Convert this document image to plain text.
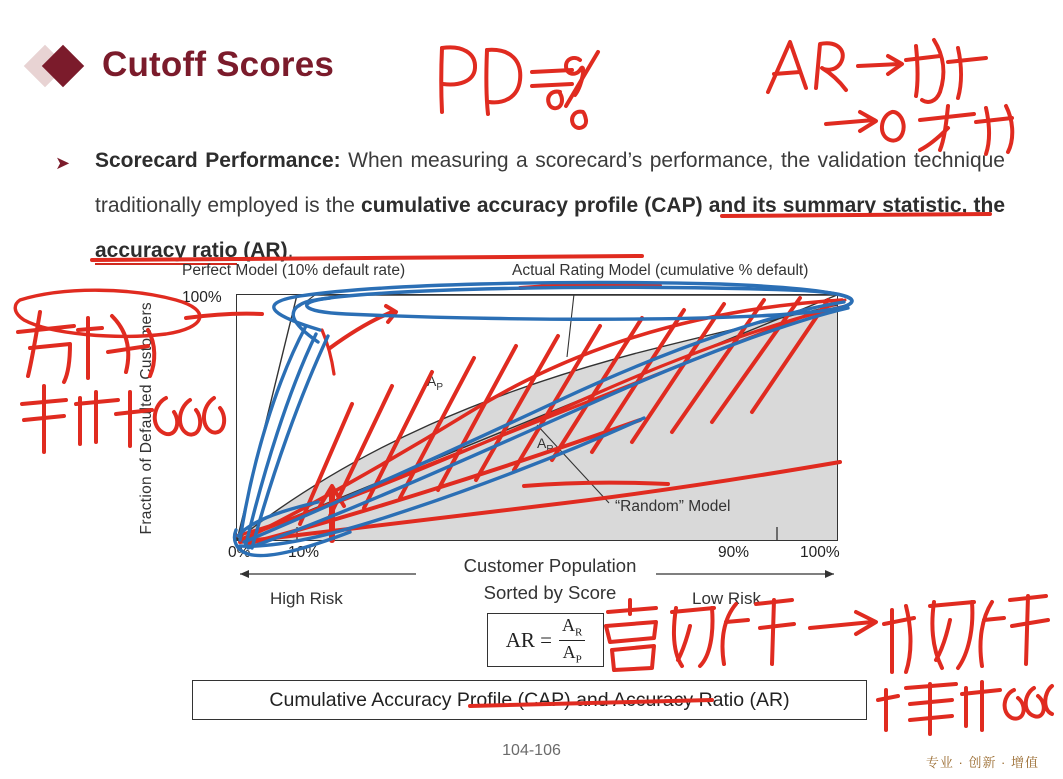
Cutoff Scores
➤ Scorecard Performance: When measuring a scorecard’s performance, the validation technique traditionally employed is the cumulative accuracy profile (CAP) and its summary statistic, the accuracy ratio (AR).
Perfect Model (10% default rate)	Actual Rating Model (cumulative % default)
Fraction of Defaulted Customers
100%
$A_P$
$A_R$
“Random” Model
0% 10%	90%	100%
Customer Population
Sorted by Score
High Risk	Low Risk
AR = $\frac{A_R}{A_P}$
Cumulative Accuracy Profile (CAP) and Accuracy Ratio (AR)
104-106
专业 · 创新 · 增值
